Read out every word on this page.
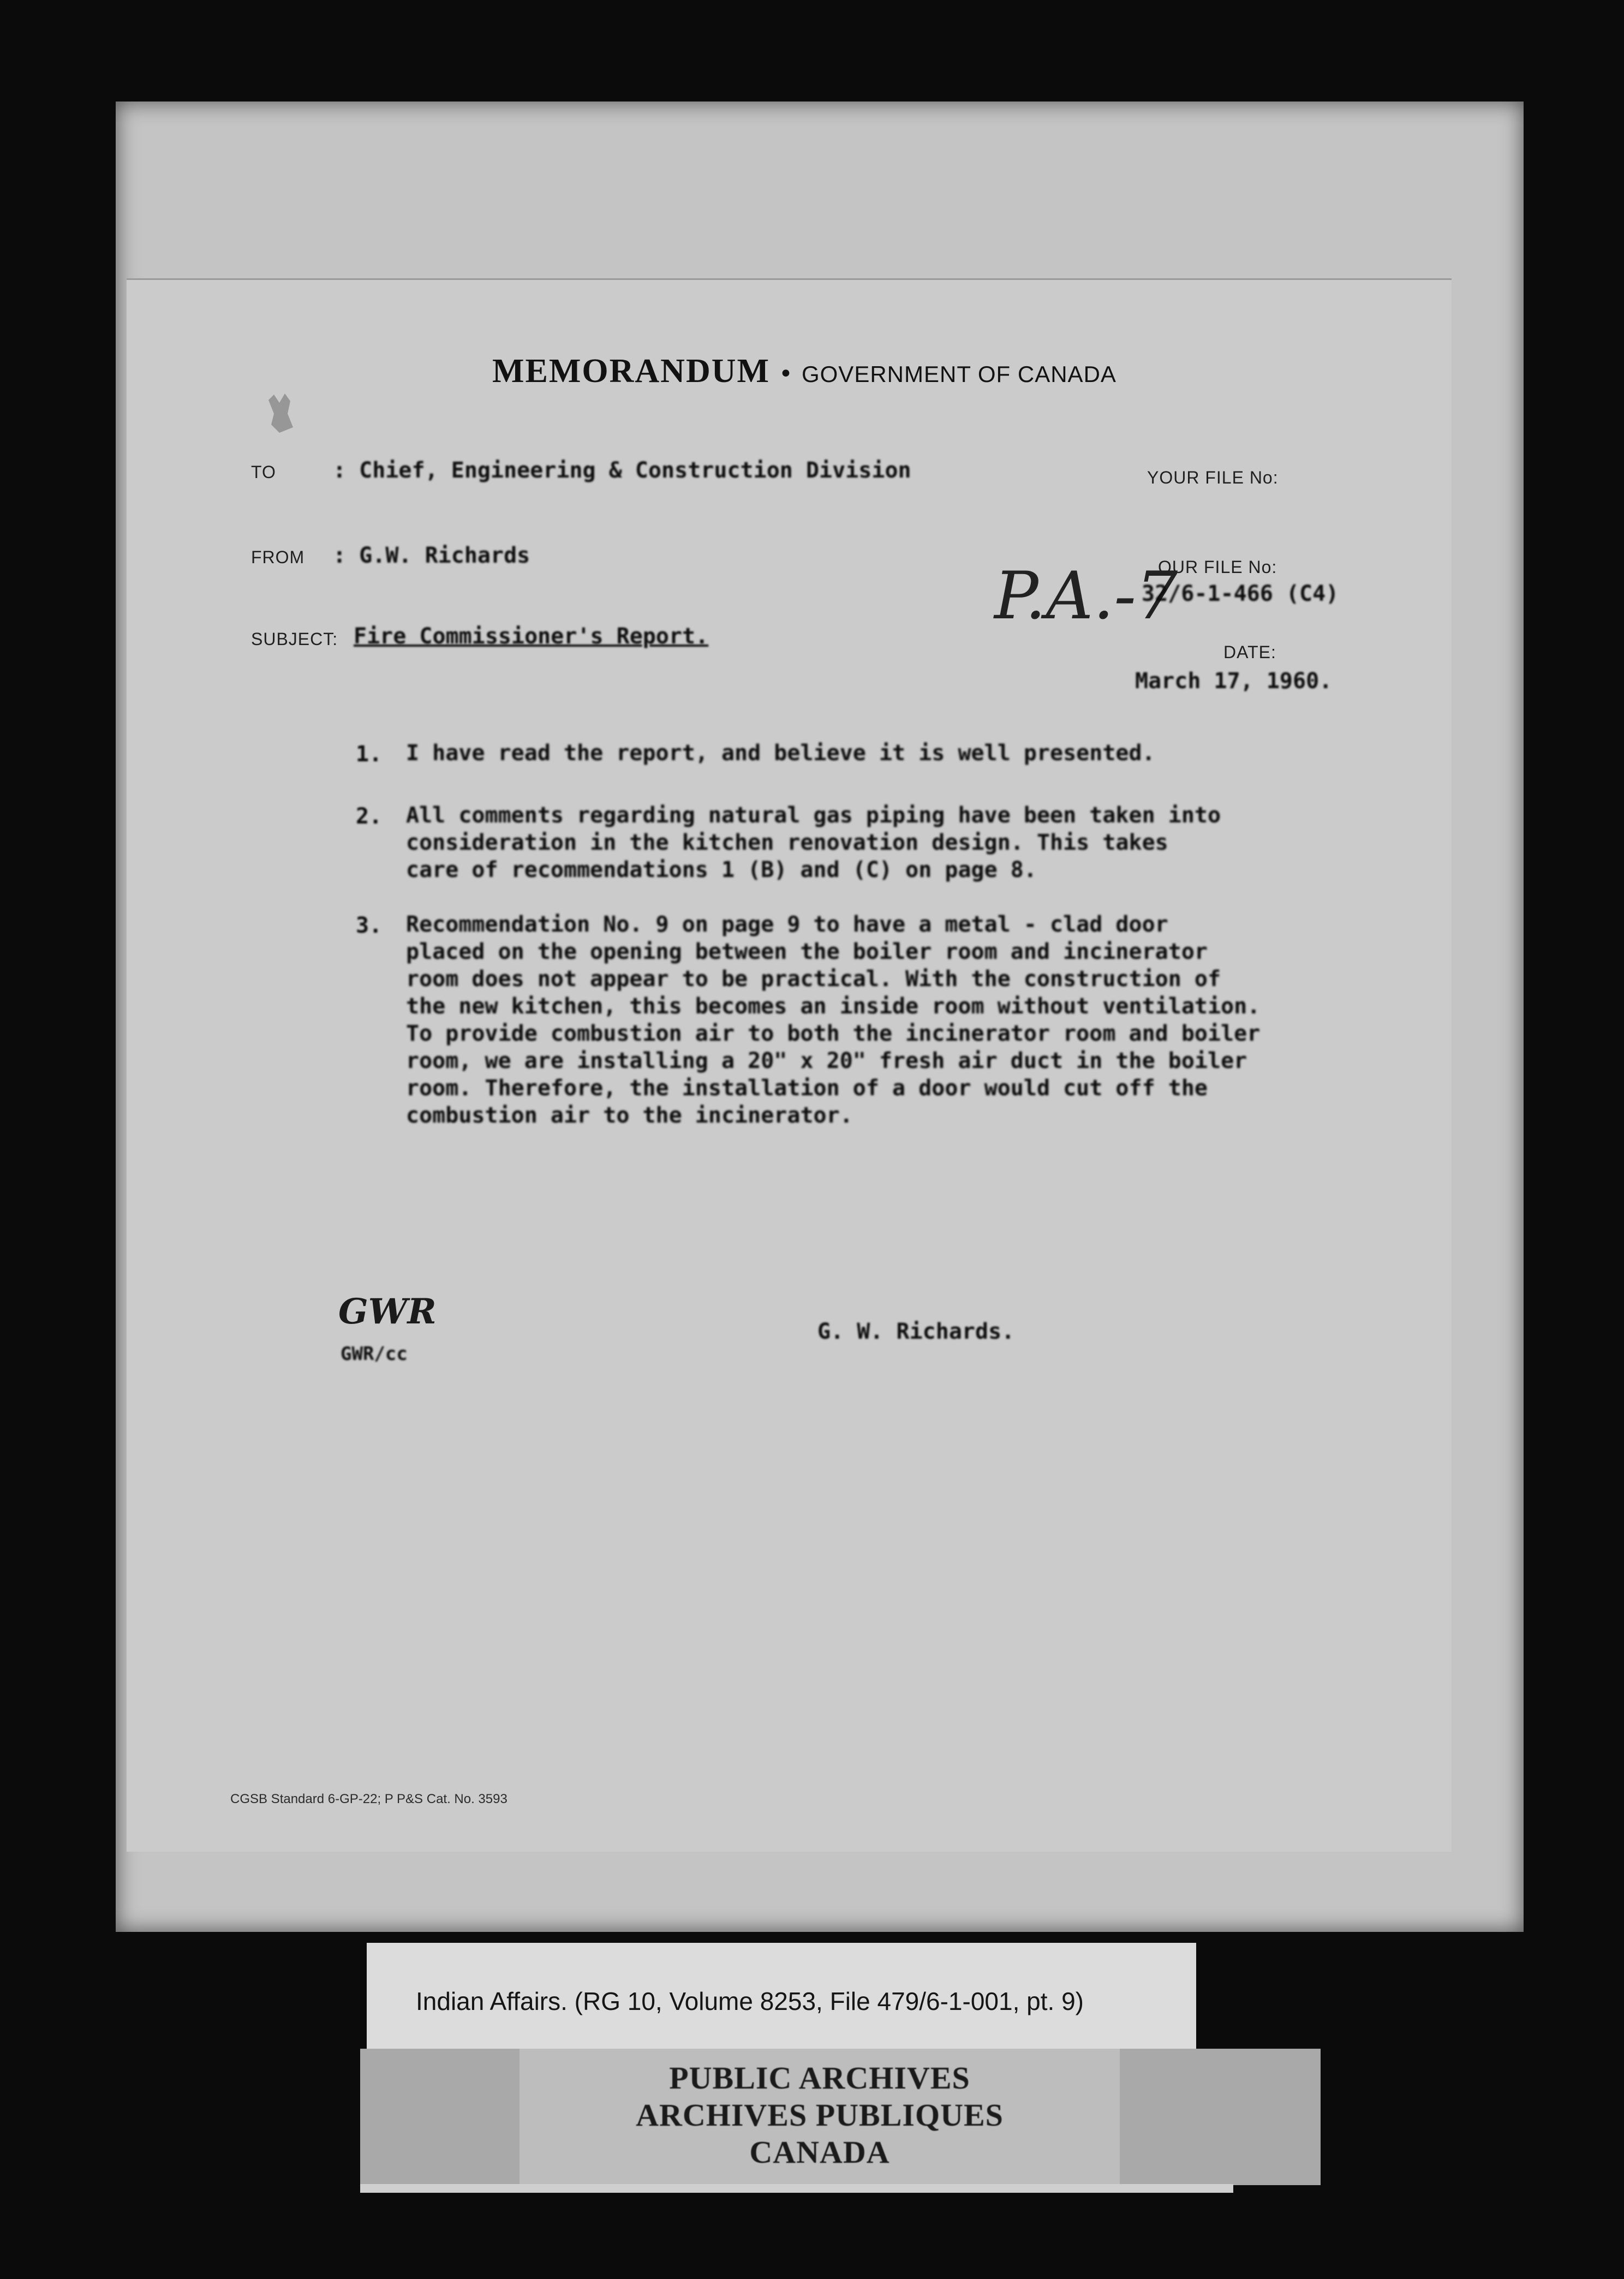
MEMORANDUM • GOVERNMENT OF CANADA
TO	: Chief, Engineering & Construction Division	YOUR FILE No:
FROM : G.W. Richards	OUR FILE No:
P.A.-7
32/6-1-466 (C4)
SUBJECT: Fire Commissioner's Report.
DATE:
March 17, 1960.
1. I have read the report, and believe it is well presented.
2. All comments regarding natural gas piping have been taken into
consideration in the kitchen renovation design. This takes
care of recommendations 1 (B) and (C) on page 8.
3. Recommendation No. 9 on page 9 to have a metal - clad door
placed on the opening between the boiler room and incinerator
room does not appear to be practical. With the construction of
the new kitchen, this becomes an inside room without ventilation.
To provide combustion air to both the incinerator room and boiler
room, we are installing a 20" x 20" fresh air duct in the boiler
room. Therefore, the installation of a door would cut off the
combustion air to the incinerator.
GWR
GWR/cc
G. W. Richards.
CGSB Standard 6-GP-22; P P&S Cat. No. 3593
Indian Affairs. (RG 10, Volume 8253, File 479/6-1-001, pt. 9)
PUBLIC ARCHIVES
ARCHIVES PUBLIQUES
CANADA
